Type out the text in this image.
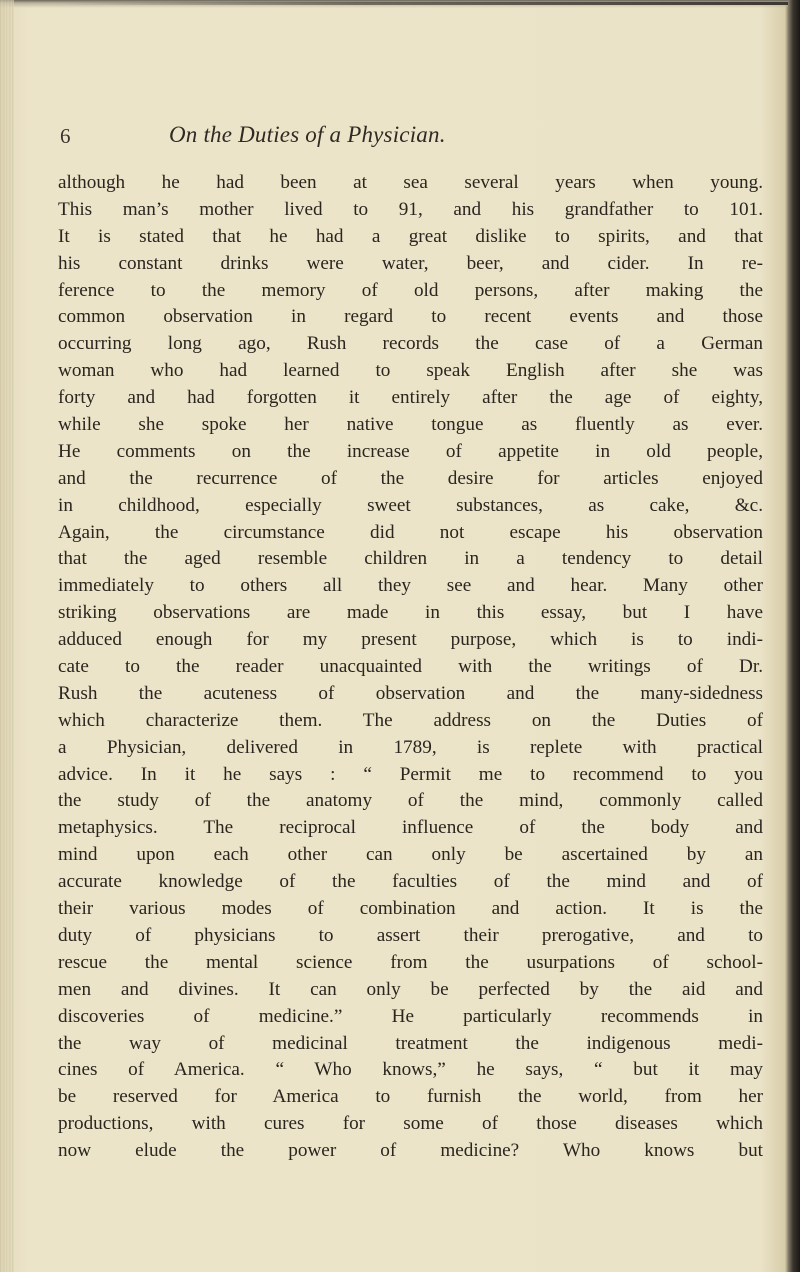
6	On the Duties of a Physician.
although he had been at sea several years when young.
This man’s mother lived to 91, and his grandfather to 101.
It is stated that he had a great dislike to spirits, and that
his constant drinks were water, beer, and cider. In re-
ference to the memory of old persons, after making the
common observation in regard to recent events and those
occurring long ago, Rush records the case of a German
woman who had learned to speak English after she was
forty and had forgotten it entirely after the age of eighty,
while she spoke her native tongue as fluently as ever.
He comments on the increase of appetite in old people,
and the recurrence of the desire for articles enjoyed
in childhood, especially sweet substances, as cake, &c.
Again, the circumstance did not escape his observation
that the aged resemble children in a tendency to detail
immediately to others all they see and hear. Many other
striking observations are made in this essay, but I have
adduced enough for my present purpose, which is to indi-
cate to the reader unacquainted with the writings of Dr.
Rush the acuteness of observation and the many-sidedness
which characterize them. The address on the Duties of
a Physician, delivered in 1789, is replete with practical
advice. In it he says : “ Permit me to recommend to you
the study of the anatomy of the mind, commonly called
metaphysics. The reciprocal influence of the body and
mind upon each other can only be ascertained by an
accurate knowledge of the faculties of the mind and of
their various modes of combination and action. It is the
duty of physicians to assert their prerogative, and to
rescue the mental science from the usurpations of school-
men and divines. It can only be perfected by the aid and
discoveries of medicine.” He particularly recommends in
the way of medicinal treatment the indigenous medi-
cines of America. “ Who knows,” he says, “ but it may
be reserved for America to furnish the world, from her
productions, with cures for some of those diseases which
now elude the power of medicine? Who knows but
